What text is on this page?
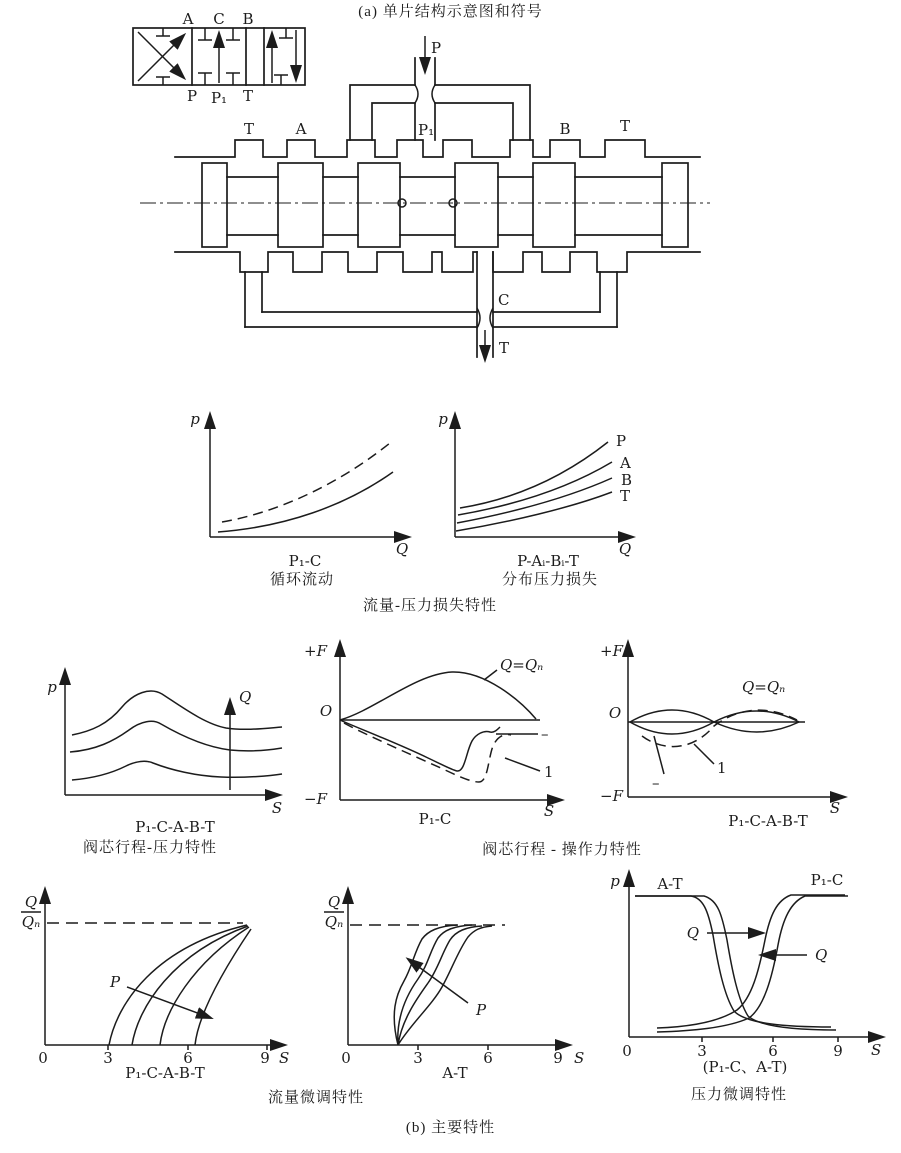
A C B
P P₁ T
T	A	P₁	B	T
P
C
T
(a) 单片结构示意图和符号
p
Q
P₁-C
循环流动
p
Q
P
A
B
T
P-Aᵢ-Bᵢ-T
分布压力损失
流量-压力损失特性
p
S
Q
P₁-C-A-B-T
阀芯行程-压力特性
+F
O
−F
S
Q=Qₙ
–
1
P₁-C
+F
O
−F
S
Q=Qₙ
1
–
P₁-C-A-B-T
阀芯行程 - 操作力特性
Q
Qₙ
P
0	3	6	9 S
P₁-C-A-B-T
Q
Qₙ
P
0	3	6	9 S
A-T
流量微调特性
p	A-T	P₁-C
Q
Q
0	3	6	9 S
(P₁-C、A-T)
压力微调特性
(b) 主要特性
